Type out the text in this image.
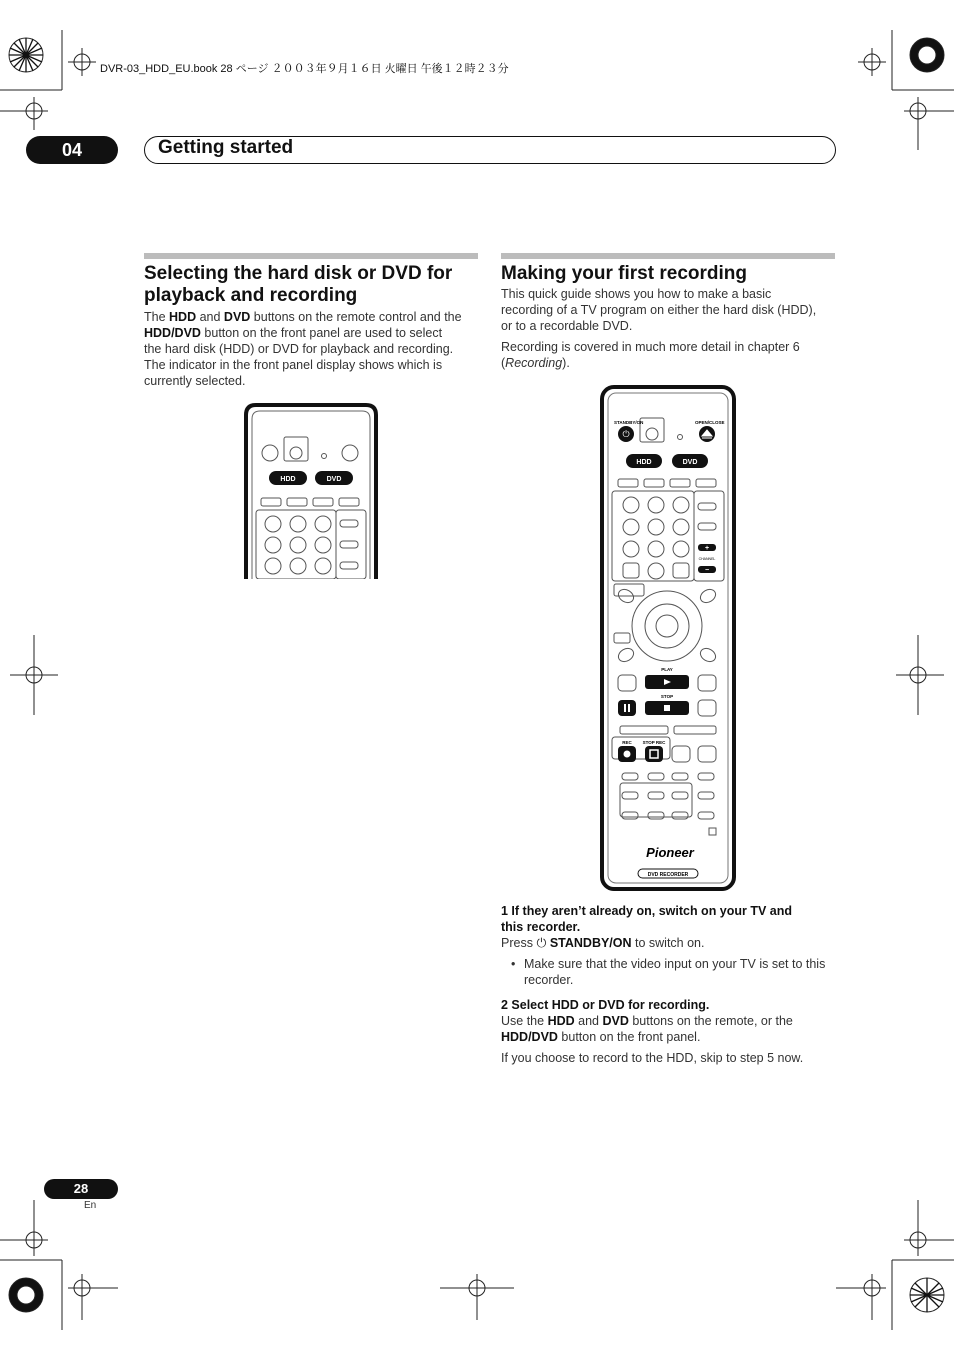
DVR-03_HDD_EU.book 28 ページ ２００３年９月１６日 火曜日 午後１２時２３分
04	Getting started
Selecting the hard disk or DVD for
playback and recording

The HDD and DVD buttons on the remote control and the

HDD/DVD button on the front panel are used to select

the hard disk (HDD) or DVD for playback and recording.

The indicator in the front panel display shows which is

currently selected.

HDD	DVD
Making your first recording

This quick guide shows you how to make a basic

recording of a TV program on either the hard disk (HDD),

or to a recordable DVD.

Recording is covered in much more detail in chapter 6

(Recording).

STANDBY/ON
⏻
OPEN/CLOSE
HDD	DVD
+
CHANNEL
−
PLAY
STOP
REC STOP REC
Pioneer
DVD RECORDER

1 If they aren’t already on, switch on your TV and

this recorder.

Press ⏻ STANDBY/ON to switch on.

• Make sure that the video input on your TV is set to this
recorder.

2 Select HDD or DVD for recording.

Use the HDD and DVD buttons on the remote, or the

HDD/DVD button on the front panel.

If you choose to record to the HDD, skip to step 5 now.

28
En
